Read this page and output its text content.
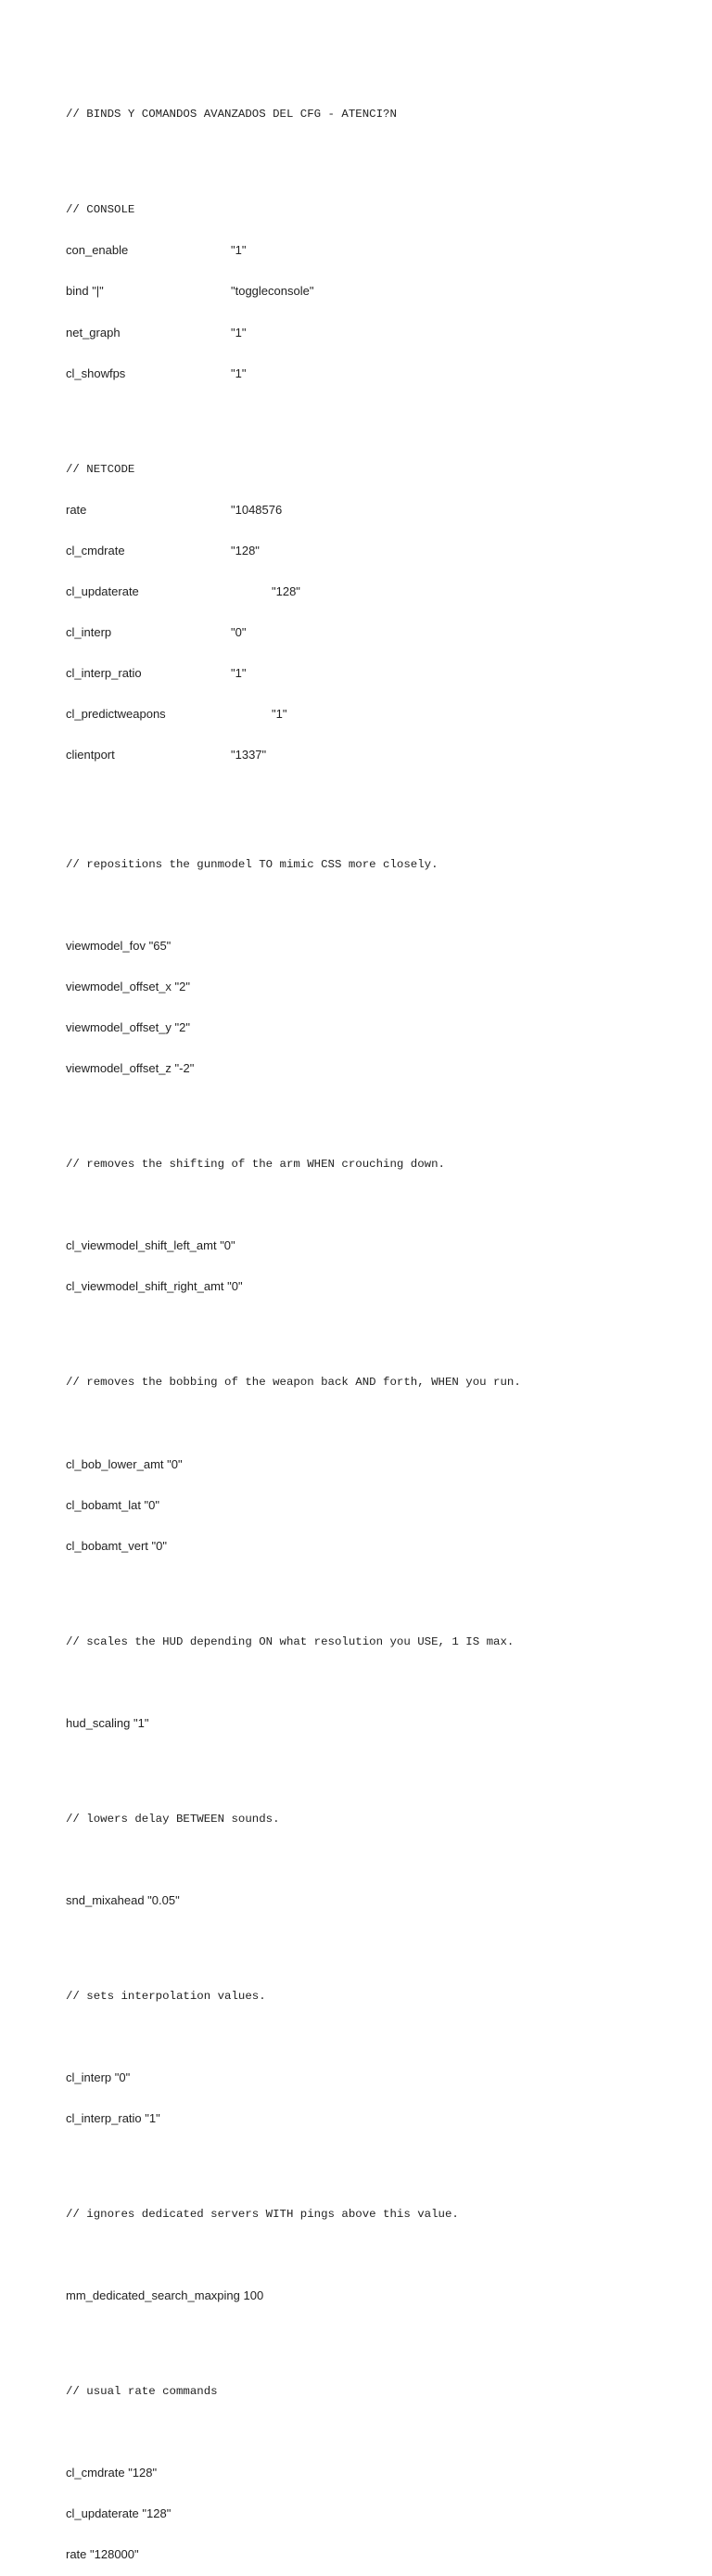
// BINDS Y COMANDOS AVANZADOS DEL CFG - ATENCI?N

// CONSOLE

con_enable	"1"

bind "|"	"toggleconsole"

net_graph	"1"

cl_showfps	"1"

// NETCODE

rate	"1048576

cl_cmdrate	"128"

cl_updaterate	"128"

cl_interp	"0"

cl_interp_ratio	"1"

cl_predictweapons	"1"

clientport	"1337"

// repositions the gunmodel TO mimic CSS more closely.

viewmodel_fov "65"

viewmodel_offset_x "2"

viewmodel_offset_y "2"

viewmodel_offset_z "-2"

// removes the shifting of the arm WHEN crouching down.

cl_viewmodel_shift_left_amt "0"

cl_viewmodel_shift_right_amt "0"

// removes the bobbing of the weapon back AND forth, WHEN you run.

cl_bob_lower_amt "0"

cl_bobamt_lat "0"

cl_bobamt_vert "0"

// scales the HUD depending ON what resolution you USE, 1 IS max.

hud_scaling "1"

// lowers delay BETWEEN sounds.

snd_mixahead "0.05"

// sets interpolation values.

cl_interp "0"

cl_interp_ratio "1"

// ignores dedicated servers WITH pings above this value.

mm_dedicated_search_maxping 100

// usual rate commands

cl_cmdrate "128"

cl_updaterate "128"

rate "128000"
